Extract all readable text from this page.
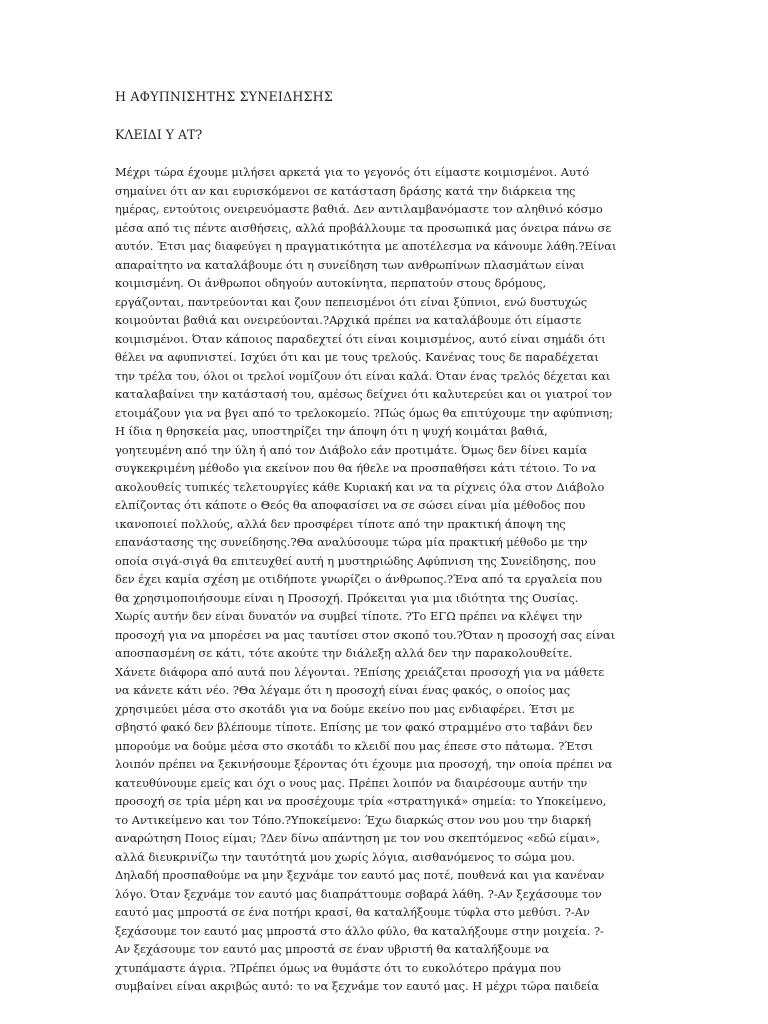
Η ΑΦΥΠΝΙΣΗΤΗΣ ΣΥΝΕΙΔΗΣΗΣ
ΚΛΕΙΔΙ Υ ΑΤ?
Μέχρι τώρα έχουμε μιλήσει αρκετά για το γεγονός ότι είμαστε κοιμισμένοι. Αυτό
σημαίνει ότι αν και ευρισκόμενοι σε κατάσταση δράσης κατά την διάρκεια της
ημέρας, εντούτοις ονειρευόμαστε βαθιά. Δεν αντιλαμβανόμαστε τον αληθινό κόσμο
μέσα από τις πέντε αισθήσεις, αλλά προβάλλουμε τα προσωπικά μας όνειρα πάνω σε
αυτόν. Έτσι μας διαφεύγει η πραγματικότητα με αποτέλεσμα να κάνουμε λάθη.?Είναι
απαραίτητο να καταλάβουμε ότι η συνείδηση των ανθρωπίνων πλασμάτων είναι
κοιμισμένη. Οι άνθρωποι οδηγούν αυτοκίνητα, περπατούν στους δρόμους,
εργάζονται, παντρεύονται και ζουν πεπεισμένοι ότι είναι ξύπνιοι, ενώ δυστυχώς
κοιμούνται βαθιά και ονειρεύονται.?Αρχικά πρέπει να καταλάβουμε ότι είμαστε
κοιμισμένοι. Όταν κάποιος παραδεχτεί ότι είναι κοιμισμένος, αυτό είναι σημάδι ότι
θέλει να αφυπνιστεί. Ισχύει ότι και με τους τρελούς. Κανένας τους δε παραδέχεται
την τρέλα του, όλοι οι τρελοί νομίζουν ότι είναι καλά. Όταν ένας τρελός δέχεται και
καταλαβαίνει την κατάστασή του, αμέσως δείχνει ότι καλυτερεύει και οι γιατροί τον
ετοιμάζουν για να βγει από το τρελοκομείο. ?Πώς όμως θα επιτύχουμε την αφύπνιση;
Η ίδια η θρησκεία μας, υποστηρίζει την άποψη ότι η ψυχή κοιμάται βαθιά,
γοητευμένη από την ύλη ή από τον Διάβολο εάν προτιμάτε. Όμως δεν δίνει καμία
συγκεκριμένη μέθοδο για εκείνον που θα ήθελε να προσπαθήσει κάτι τέτοιο. Το να
ακολουθείς τυπικές τελετουργίες κάθε Κυριακή και να τα ρίχνεις όλα στον Διάβολο
ελπίζοντας ότι κάποτε ο Θεός θα αποφασίσει να σε σώσει είναι μία μέθοδος που
ικανοποιεί πολλούς, αλλά δεν προσφέρει τίποτε από την πρακτική άποψη της
επανάστασης της συνείδησης.?Θα αναλύσουμε τώρα μία πρακτική μέθοδο με την
οποία σιγά-σιγά θα επιτευχθεί αυτή η μυστηριώδης Αφύπνιση της Συνείδησης, που
δεν έχει καμία σχέση με οτιδήποτε γνωρίζει ο άνθρωπος.?Ένα από τα εργαλεία που
θα χρησιμοποιήσουμε είναι η Προσοχή. Πρόκειται για μια ιδιότητα της Ουσίας.
Χωρίς αυτήν δεν είναι δυνατόν να συμβεί τίποτε. ?Το ΕΓΩ πρέπει να κλέψει την
προσοχή για να μπορέσει να μας ταυτίσει στον σκοπό του.?Όταν η προσοχή σας είναι
αποσπασμένη σε κάτι, τότε ακούτε την διάλεξη αλλά δεν την παρακολουθείτε.
Χάνετε διάφορα από αυτά που λέγονται. ?Επίσης χρειάζεται προσοχή για να μάθετε
να κάνετε κάτι νέο. ?Θα λέγαμε ότι η προσοχή είναι ένας φακός, ο οποίος μας
χρησιμεύει μέσα στο σκοτάδι για να δούμε εκείνο που μας ενδιαφέρει. Έτσι με
σβηστό φακό δεν βλέπουμε τίποτε. Επίσης με τον φακό στραμμένο στο ταβάνι δεν
μπορούμε να δούμε μέσα στο σκοτάδι το κλειδί που μας έπεσε στο πάτωμα. ?Έτσι
λοιπόν πρέπει να ξεκινήσουμε ξέροντας ότι έχουμε μια προσοχή, την οποία πρέπει να
κατευθύνουμε εμείς και όχι ο νους μας. Πρέπει λοιπόν να διαιρέσουμε αυτήν την
προσοχή σε τρία μέρη και να προσέχουμε τρία «στρατηγικά» σημεία: το Υποκείμενο,
το Αντικείμενο και τον Τόπο.?Υποκείμενο: Έχω διαρκώς στον νου μου την διαρκή
αναρώτηση Ποιος είμαι; ?Δεν δίνω απάντηση με τον νου σκεπτόμενος «εδώ είμαι»,
αλλά διευκρινίζω την ταυτότητά μου χωρίς λόγια, αισθανόμενος το σώμα μου.
Δηλαδή προσπαθούμε να μην ξεχνάμε τον εαυτό μας ποτέ, πουθενά και για κανέναν
λόγο. Όταν ξεχνάμε τον εαυτό μας διαπράττουμε σοβαρά λάθη. ?-Αν ξεχάσουμε τον
εαυτό μας μπροστά σε ένα ποτήρι κρασί, θα καταλήξουμε τύφλα στο μεθύσι. ?-Αν
ξεχάσουμε τον εαυτό μας μπροστά στο άλλο φύλο, θα καταλήξουμε στην μοιχεία. ?-
Αν ξεχάσουμε τον εαυτό μας μπροστά σε έναν υβριστή θα καταλήξουμε να
χτυπάμαστε άγρια. ?Πρέπει όμως να θυμάστε ότι το ευκολότερο πράγμα που
συμβαίνει είναι ακριβώς αυτό: το να ξεχνάμε τον εαυτό μας. Η μέχρι τώρα παιδεία
